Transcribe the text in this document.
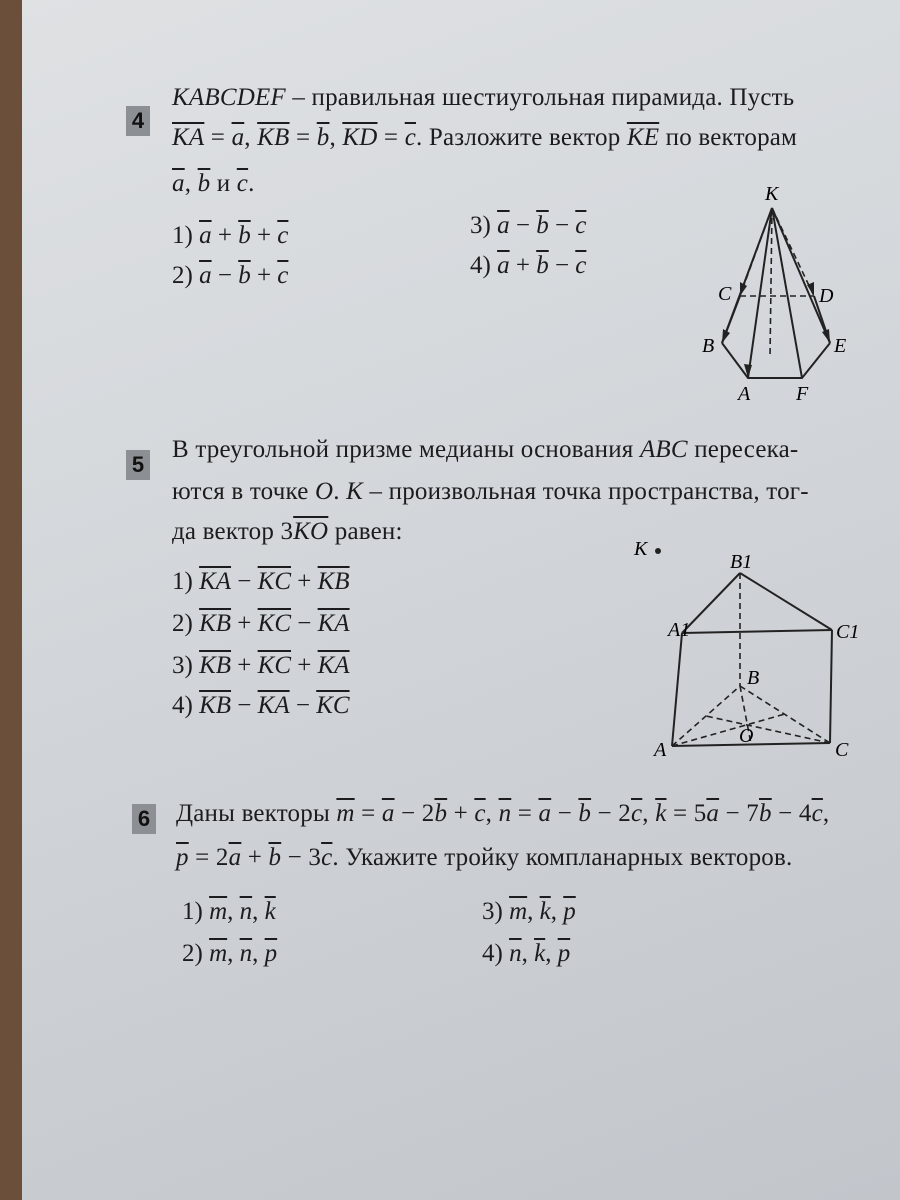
4
KABCDEF – правильная шестиугольная пирамида. Пусть
$\overline{KA} = \overline{a}$, $\overline{KB} = \overline{b}$, $\overline{KD} = \overline{c}$. Разложите вектор $\overline{KE}$ по векторам
$\overline{a}$, $\overline{b}$ и $\overline{c}$.
1) $\overline{a} + \overline{b} + \overline{c}$
2) $\overline{a} - \overline{b} + \overline{c}$
3) $\overline{a} - \overline{b} - \overline{c}$
4) $\overline{a} + \overline{b} - \overline{c}$
K
C	D
B	E
A F
5
В треугольной призме медианы основания ABC пересека-
ются в точке O. K – произвольная точка пространства, тог-
да вектор $3\overline{KO}$ равен:
1) $\overline{KA} - \overline{KC} + \overline{KB}$
2) $\overline{KB} + \overline{KC} - \overline{KA}$
3) $\overline{KB} + \overline{KC} + \overline{KA}$
4) $\overline{KB} - \overline{KA} - \overline{KC}$
K
B1
A1	C1
B
O
A	C
6 Даны векторы $\overline{m} = \overline{a} - 2\overline{b} + \overline{c}$, $\overline{n} = \overline{a} - \overline{b} - 2\overline{c}$, $\overline{k} = 5\overline{a} - 7\overline{b} - 4\overline{c}$,
$\overline{p} = 2\overline{a} + \overline{b} - 3\overline{c}$. Укажите тройку компланарных векторов.
1) $\overline{m}$, $\overline{n}$, $\overline{k}$
2) $\overline{m}$, $\overline{n}$, $\overline{p}$
3) $\overline{m}$, $\overline{k}$, $\overline{p}$
4) $\overline{n}$, $\overline{k}$, $\overline{p}$
